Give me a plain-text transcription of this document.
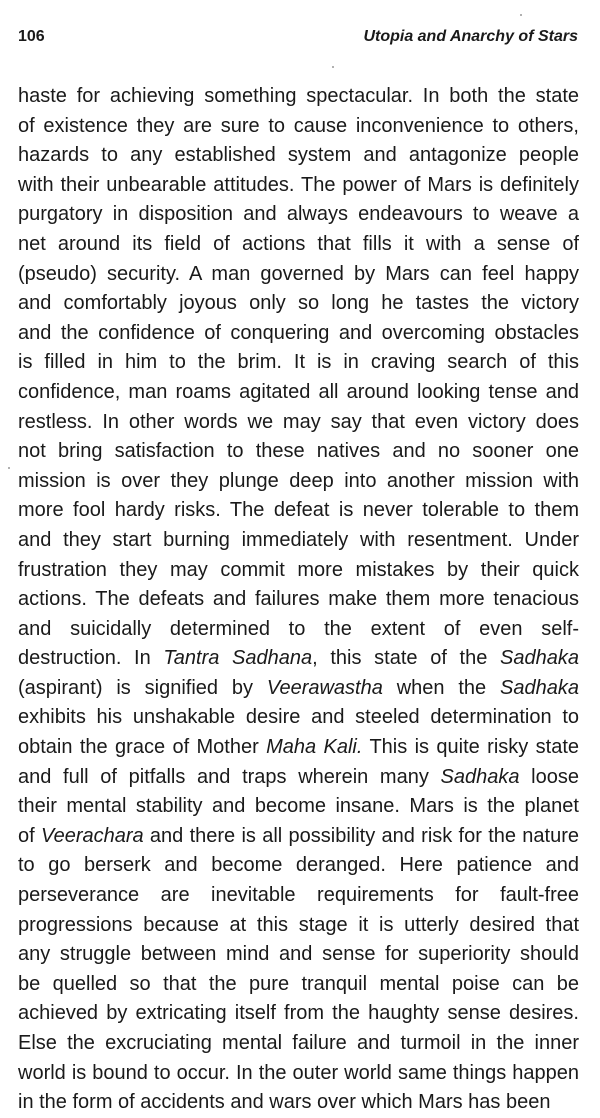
106	Utopia and Anarchy of Stars
haste for achieving something spectacular. In both the state
of existence they are sure to cause inconvenience to others,
hazards to any established system and antagonize people
with their unbearable attitudes. The power of Mars is definitely
purgatory in disposition and always endeavours to weave a
net around its field of actions that fills it with a sense of
(pseudo) security. A man governed by Mars can feel happy
and comfortably joyous only so long he tastes the victory
and the confidence of conquering and overcoming obstacles
is filled in him to the brim. It is in craving search of this
confidence, man roams agitated all around looking tense and
restless. In other words we may say that even victory does
not bring satisfaction to these natives and no sooner one
mission is over they plunge deep into another mission with
more fool hardy risks. The defeat is never tolerable to them
and they start burning immediately with resentment. Under
frustration they may commit more mistakes by their quick
actions. The defeats and failures make them more tenacious
and suicidally determined to the extent of even self-
destruction. In Tantra Sadhana, this state of the Sadhaka
(aspirant) is signified by Veerawastha when the Sadhaka
exhibits his unshakable desire and steeled determination to
obtain the grace of Mother Maha Kali. This is quite risky state
and full of pitfalls and traps wherein many Sadhaka loose
their mental stability and become insane. Mars is the planet
of Veerachara and there is all possibility and risk for the nature
to go berserk and become deranged. Here patience and
perseverance are inevitable requirements for fault-free
progressions because at this stage it is utterly desired that
any struggle between mind and sense for superiority should
be quelled so that the pure tranquil mental poise can be
achieved by extricating itself from the haughty sense desires.
Else the excruciating mental failure and turmoil in the inner
world is bound to occur. In the outer world same things happen
in the form of accidents and wars over which Mars has been
